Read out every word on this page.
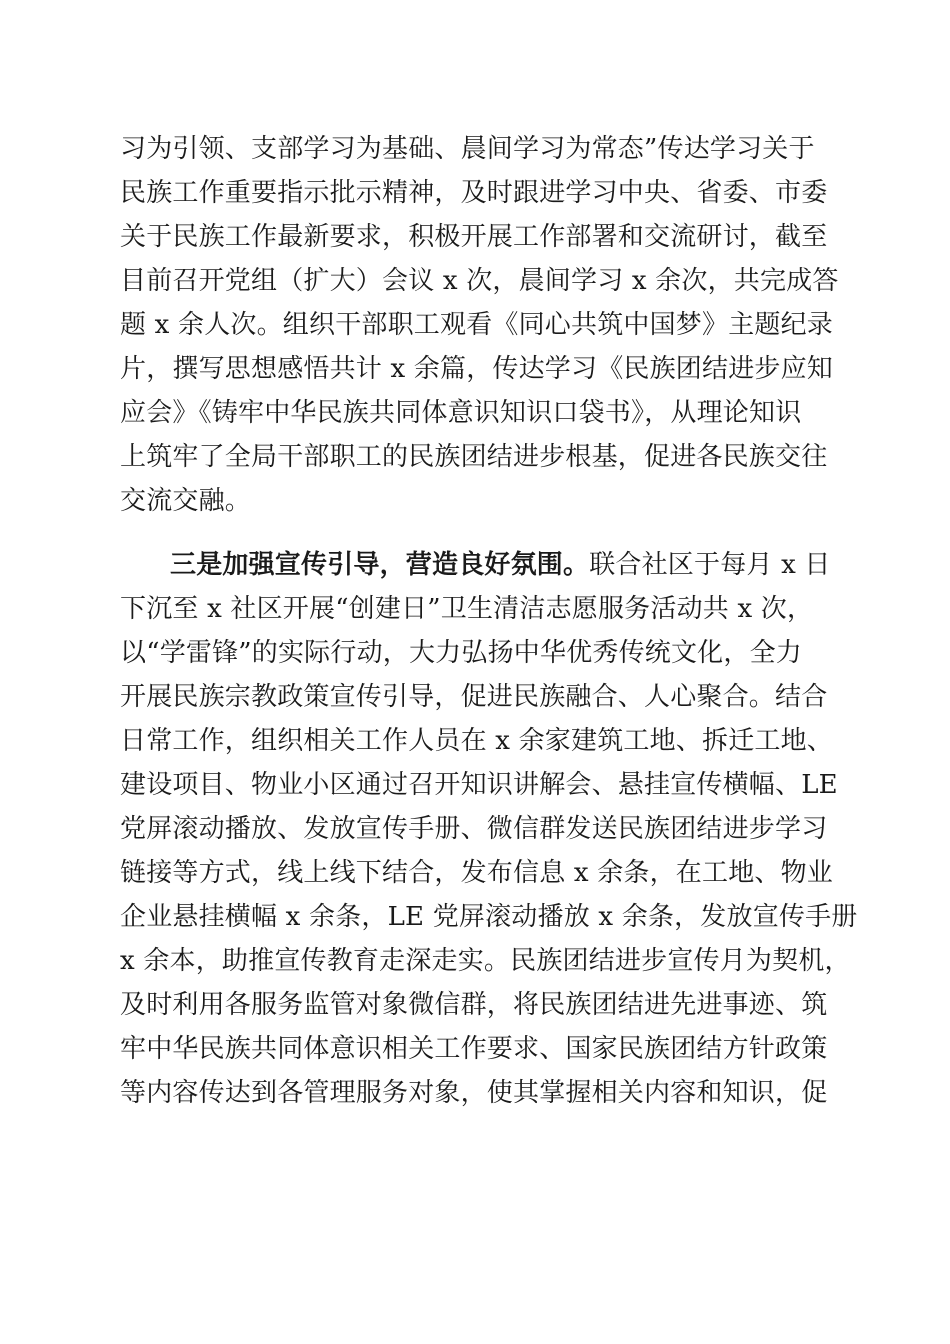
习为引领、支部学习为基础、晨间学习为常态”传达学习关于
民族工作重要指示批示精神，及时跟进学习中央、省委、市委
关于民族工作最新要求，积极开展工作部署和交流研讨，截至
目前召开党组（扩大）会议 x 次，晨间学习 x 余次，共完成答
题 x 余人次。组织干部职工观看《同心共筑中国梦》主题纪录
片，撰写思想感悟共计 x 余篇，传达学习《民族团结进步应知
应会》《铸牢中华民族共同体意识知识口袋书》，从理论知识
上筑牢了全局干部职工的民族团结进步根基，促进各民族交往
交流交融。
三是加强宣传引导，营造良好氛围。联合社区于每月 x 日
下沉至 x 社区开展“创建日”卫生清洁志愿服务活动共 x 次，
以“学雷锋”的实际行动，大力弘扬中华优秀传统文化，全力
开展民族宗教政策宣传引导，促进民族融合、人心聚合。结合
日常工作，组织相关工作人员在 x 余家建筑工地、拆迁工地、
建设项目、物业小区通过召开知识讲解会、悬挂宣传横幅、LE
党屏滚动播放、发放宣传手册、微信群发送民族团结进步学习
链接等方式，线上线下结合，发布信息 x 余条，在工地、物业
企业悬挂横幅 x 余条，LE 党屏滚动播放 x 余条，发放宣传手册
x 余本，助推宣传教育走深走实。民族团结进步宣传月为契机，
及时利用各服务监管对象微信群，将民族团结进先进事迹、筑
牢中华民族共同体意识相关工作要求、国家民族团结方针政策
等内容传达到各管理服务对象，使其掌握相关内容和知识，促
